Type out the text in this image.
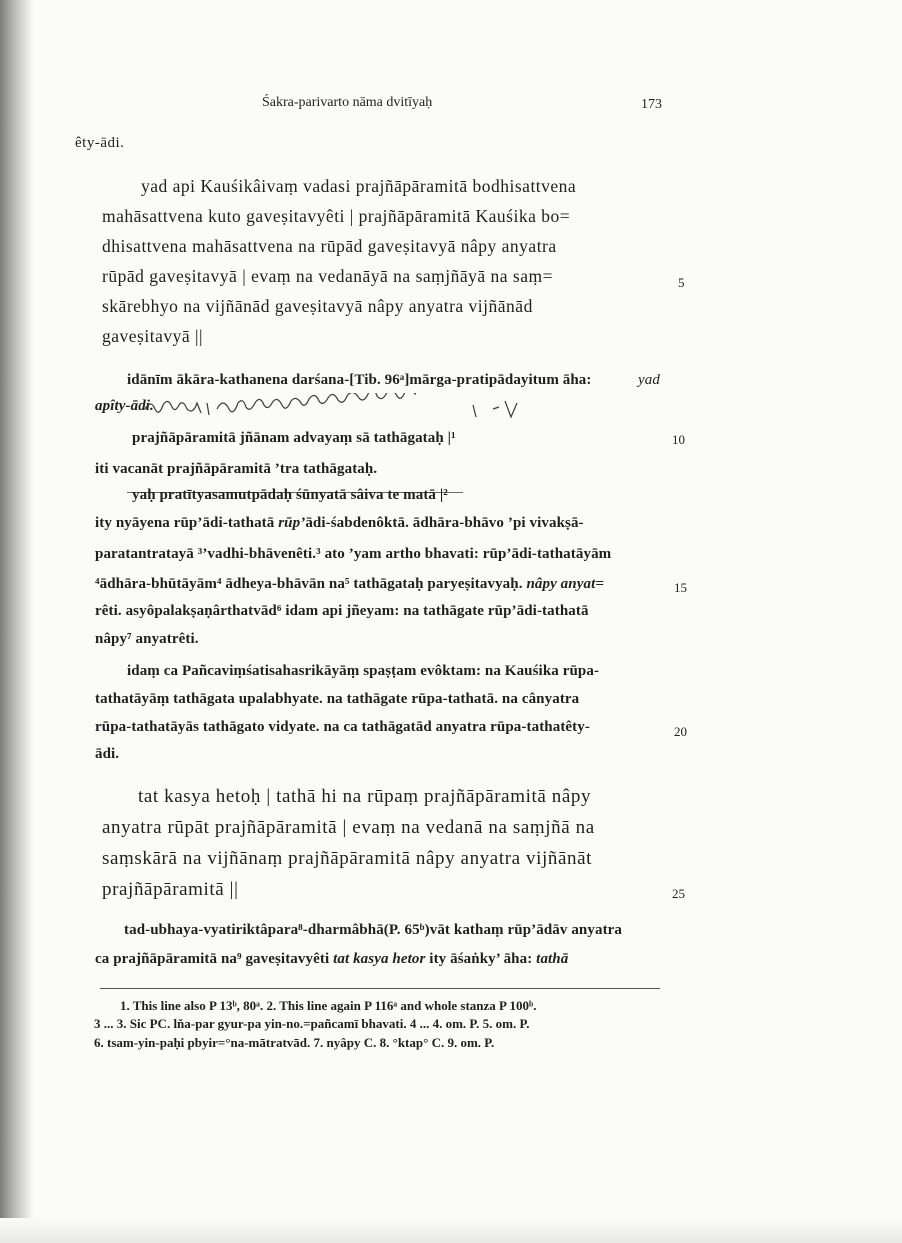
Śakra-parivarto nāma dvitīyaḥ	173
êty-ādi.
yad api Kauśikâivaṃ vadasi prajñāpāramitā bodhisattvena
mahāsattvena kuto gaveṣitavyêti | prajñāpāramitā Kauśika bo=
dhisattvena mahāsattvena na rūpād gaveṣitavyā nâpy anyatra
rūpād gaveṣitavyā | evaṃ na vedanāyā na saṃjñāyā na saṃ=
skārebhyo na vijñānād gaveṣitavyā nâpy anyatra vijñānād
gaveṣitavyā ||
idānīm ākāra-kathanena darśana-[Tib. 96ᵃ]mārga-pratipādayitum āha:	yad
apîty-ādi.
prajñāpāramitā jñānam advayaṃ sā tathāgataḥ |¹
iti vacanāt prajñāpāramitā ’tra tathāgataḥ.
yaḥ pratītyasamutpādaḥ śūnyatā sâiva te matā |²
ity nyāyena rūp’ādi-tathatā rūp’ādi-śabdenôktā. ādhāra-bhāvo ’pi vivakṣā-
paratantratayā ³’vadhi-bhāvenêti.³ ato ’yam artho bhavati: rūp’ādi-tathatāyām
⁴ādhāra-bhūtāyām⁴ ādheya-bhāvān na⁵ tathāgataḥ paryeṣitavyaḥ. nâpy anyat=
rêti. asyôpalakṣaṇârthatvād⁶ idam api jñeyam: na tathāgate rūp’ādi-tathatā
nâpy⁷ anyatrêti.
idaṃ ca Pañcaviṃśatisahasrikāyāṃ spaṣṭam evôktam: na Kauśika rūpa-
tathatāyāṃ tathāgata upalabhyate. na tathāgate rūpa-tathatā. na cânyatra
rūpa-tathatāyās tathāgato vidyate. na ca tathāgatād anyatra rūpa-tathatêty-
ādi.
tat kasya hetoḥ | tathā hi na rūpaṃ prajñāpāramitā nâpy
anyatra rūpāt prajñāpāramitā | evaṃ na vedanā na saṃjñā na
saṃskārā na vijñānaṃ prajñāpāramitā nâpy anyatra vijñānāt
prajñāpāramitā ||
tad-ubhaya-vyatiriktâpara⁸-dharmâbhā(P. 65ᵇ)vāt kathaṃ rūp’ādāv anyatra
ca prajñāpāramitā na⁹ gaveṣitavyêti tat kasya hetor ity āśaṅky’ āha: tathā
5
10
15
20
25
1. This line also P 13ᵇ, 80ᵃ. 2. This line again P 116ᵃ and whole stanza P 100ᵇ.
3 ... 3. Sic PC. lňa-par gyur-pa yin-no.=pañcamī bhavati. 4 ... 4. om. P. 5. om. P.
6. tsam-yin-paḥi pbyir=°na-mātratvād. 7. nyâpy C. 8. °ktap° C. 9. om. P.
